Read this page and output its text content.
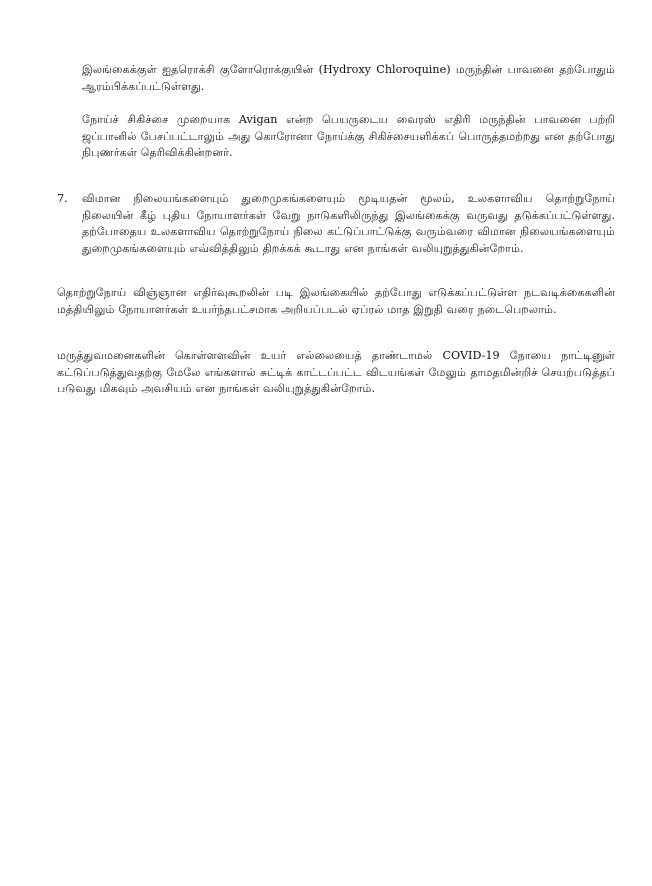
இலங்கைக்குள் ஐதரொக்சி குளோரொக்குயின் (Hydroxy Chloroquine) மருந்தின் பாவனை தற்போதும் ஆரம்பிக்கப்பட்டுள்ளது.

நோய்ச் சிகிச்சை முறையாக Avigan என்ற பெயருடைய வைரஸ் எதிரி மருந்தின் பாவனை பற்றி ஜப்பானில் பேசப்பட்டாலும் அது கொரோனா நோய்க்கு சிகிச்சையளிக்கப் பொருத்தமற்றது என தற்போது நிபுணர்கள் தெரிவிக்கின்றனர்.

7. விமான நிலையங்களையும் துறைமுகங்களையும் மூடியதன் மூலம், உலகளாவிய தொற்றுநோய் நிலையின் கீழ் புதிய நோயாளர்கள் வேறு நாடுகளிலிருந்து இலங்கைக்கு வருவது தடுக்கப்பட்டுள்ளது. தற்போதைய உலகளாவிய தொற்றுநோய் நிலை கட்டுப்பாட்டுக்கு வரும்வரை விமான நிலையங்களையும் துறைமுகங்களையும் எவ்வித்திலும் திறக்கக் கூடாது என நாங்கள் வலியுறுத்துகின்றோம்.

தொற்றுநோய் விஞ்ஞான எதிர்வுகூறலின் படி இலங்கையில் தற்போது எடுக்கப்பட்டுள்ள நடவடிக்கைகளின் மத்தியிலும் நோயாளர்கள் உயர்ந்தபட்சமாக அறியப்படல் ஏப்ரல் மாத இறுதி வரை நடைபெறலாம்.

மருத்துவமனைகளின் கொள்ளளவின் உயர் எல்லையைத் தாண்டாமல் COVID-19 நோயை நாட்டினுள் கட்டுப்படுத்துவதற்கு மேலே எங்களால் சுட்டிக் காட்டப்பட்ட விடயங்கள் மேலும் தாமதமின்றிச் செயற்படுத்தப் படுவது மிகவும் அவசியம் என நாங்கள் வலியுறுத்துகின்றோம்.
